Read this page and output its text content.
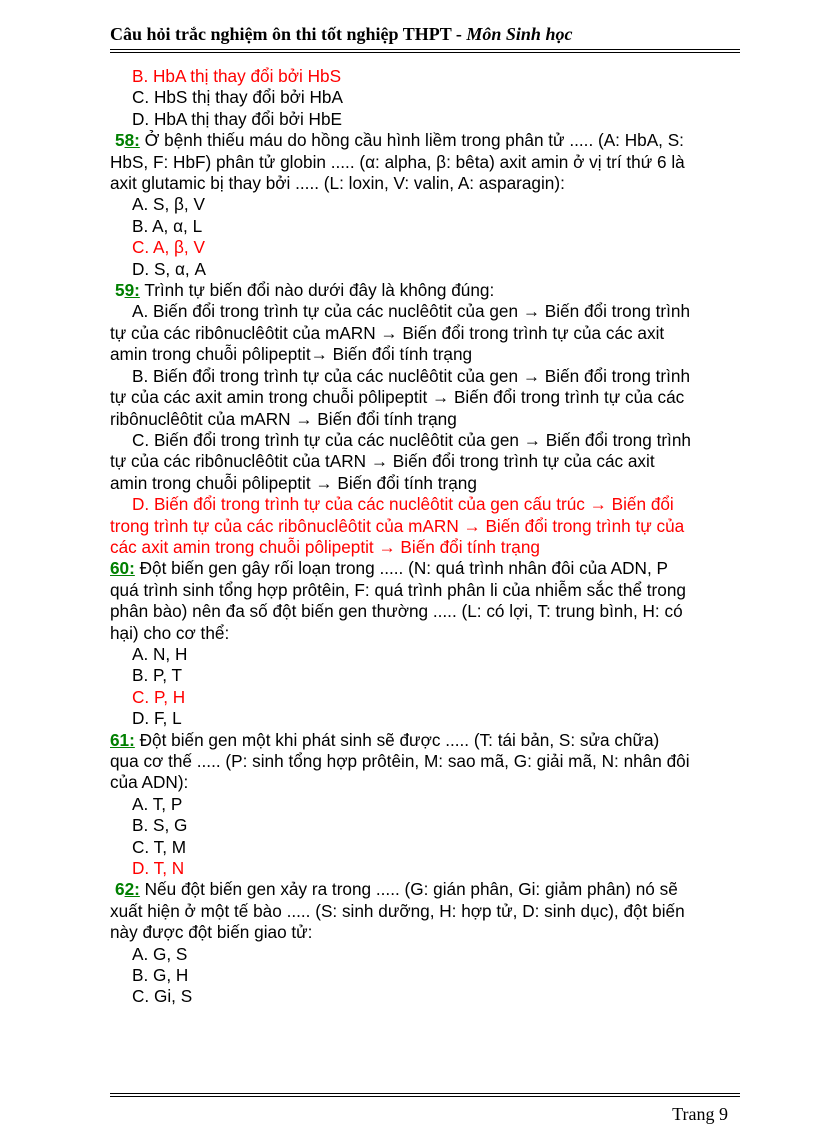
Câu hỏi trắc nghiệm ôn thi tốt nghiệp THPT - Môn Sinh học
B. HbA thị thay đổi bởi HbS
C. HbS thị thay đổi bởi HbA
D. HbA thị thay đổi bởi HbE
58: Ở bệnh thiếu máu do hồng cầu hình liềm trong phân tử ..... (A: HbA, S:
HbS, F: HbF) phân tử globin ..... (α: alpha, β: bêta) axit amin ở vị trí thứ 6 là
axit glutamic bị thay bởi ..... (L: loxin, V: valin, A: asparagin):
A. S, β, V
B. A, α, L
C. A, β, V
D. S, α, A
59: Trình tự biến đổi nào dưới đây là không đúng:
A. Biến đổi trong trình tự của các nuclêôtit của gen → Biến đổi trong trình
tự của các ribônuclêôtit của mARN → Biến đổi trong trình tự của các axit
amin trong chuỗi pôlipeptit→ Biến đổi tính trạng
B. Biến đổi trong trình tự của các nuclêôtit của gen → Biến đổi trong trình
tự của các axit amin trong chuỗi pôlipeptit → Biến đổi trong trình tự của các
ribônuclêôtit của mARN → Biến đổi tính trạng
C. Biến đổi trong trình tự của các nuclêôtit của gen → Biến đổi trong trình
tự của các ribônuclêôtit của tARN → Biến đổi trong trình tự của các axit
amin trong chuỗi pôlipeptit → Biến đổi tính trạng
D. Biến đổi trong trình tự của các nuclêôtit của gen cấu trúc → Biến đổi
trong trình tự của các ribônuclêôtit của mARN → Biến đổi trong trình tự của
các axit amin trong chuỗi pôlipeptit → Biến đổi tính trạng
60: Đột biến gen gây rối loạn trong ..... (N: quá trình nhân đôi của ADN, P
quá trình sinh tổng hợp prôtêin, F: quá trình phân li của nhiễm sắc thể trong
phân bào) nên đa số đột biến gen thường ..... (L: có lợi, T: trung bình, H: có
hại) cho cơ thể:
A. N, H
B. P, T
C. P, H
D. F, L
61: Đột biến gen một khi phát sinh sẽ được ..... (T: tái bản, S: sửa chữa)
qua cơ thế ..... (P: sinh tổng hợp prôtêin, M: sao mã, G: giải mã, N: nhân đôi
của ADN):
A. T, P
B. S, G
C. T, M
D. T, N
62: Nếu đột biến gen xảy ra trong ..... (G: gián phân, Gi: giảm phân) nó sẽ
xuất hiện ở một tế bào ..... (S: sinh dưỡng, H: hợp tử, D: sinh dục), đột biến
này được đột biến giao tử:
A. G, S
B. G, H
C. Gi, S
Trang 9
